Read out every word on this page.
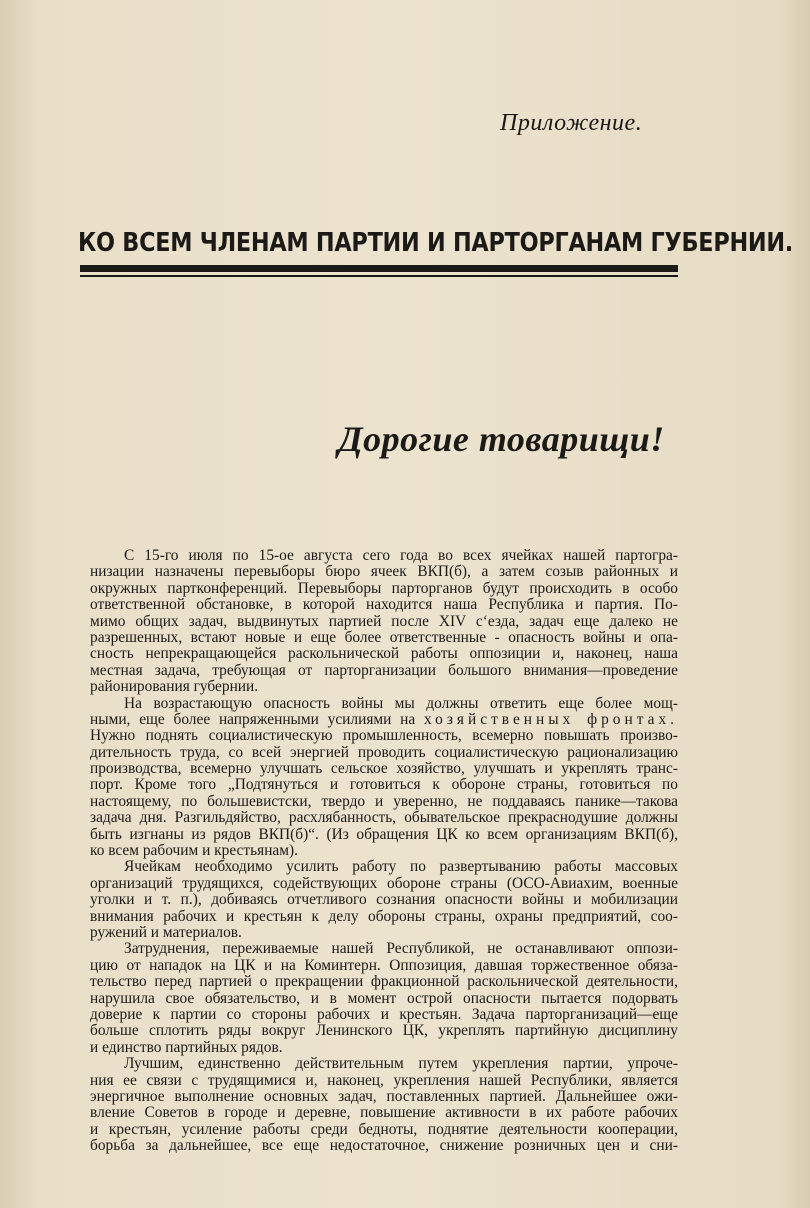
Приложение.
КО ВСЕМ ЧЛЕНАМ ПАРТИИ И ПАРТОРГАНАМ ГУБЕРНИИ.
Дорогие товарищи!
С 15-го июля по 15-ое августа сего года во всех ячейках нашей партогра-
низации назначены перевыборы бюро ячеек ВКП(б), а затем созыв районных и
окружных партконференций. Перевыборы парторганов будут происходить в особо
ответственной обстановке, в которой находится наша Республика и партия. По-
мимо общих задач, выдвинутых партией после XIV с‘езда, задач еще далеко не
разрешенных, встают новые и еще более ответственные - опасность войны и опа-
сность непрекращающейся раскольнической работы оппозиции и, наконец, наша
местная задача, требующая от парторганизации большого внимания—проведение
районирования губернии.
На возрастающую опасность войны мы должны ответить еще более мощ-
ными, еще более напряженными усилиями на хозяйственных фронтах.
Нужно поднять социалистическую промышленность, всемерно повышать произво-
дительность труда, со всей энергией проводить социалистическую рационализацию
производства, всемерно улучшать сельское хозяйство, улучшать и укреплять транс-
порт. Кроме того „Подтянуться и готовиться к обороне страны, готовиться по
настоящему, по большевистски, твердо и уверенно, не поддаваясь панике—такова
задача дня. Разгильдяйство, расхлябанность, обывательское прекраснодушие должны
быть изгнаны из рядов ВКП(б)“. (Из обращения ЦК ко всем организациям ВКП(б),
ко всем рабочим и крестьянам).
Ячейкам необходимо усилить работу по развертыванию работы массовых
организаций трудящихся, содействующих обороне страны (ОСО-Авиахим, военные
уголки и т. п.), добиваясь отчетливого сознания опасности войны и мобилизации
внимания рабочих и крестьян к делу обороны страны, охраны предприятий, соо-
ружений и материалов.
Затруднения, переживаемые нашей Республикой, не останавливают оппози-
цию от нападок на ЦК и на Коминтерн. Оппозиция, давшая торжественное обяза-
тельство перед партией о прекращении фракционной раскольнической деятельности,
нарушила свое обязательство, и в момент острой опасности пытается подорвать
доверие к партии со стороны рабочих и крестьян. Задача парторганизаций—еще
больше сплотить ряды вокруг Ленинского ЦК, укреплять партийную дисциплину
и единство партийных рядов.
Лучшим, единственно действительным путем укрепления партии, упроче-
ния ее связи с трудящимися и, наконец, укрепления нашей Республики, является
энергичное выполнение основных задач, поставленных партией. Дальнейшее ожи-
вление Советов в городе и деревне, повышение активности в их работе рабочих
и крестьян, усиление работы среди бедноты, поднятие деятельности кооперации,
борьба за дальнейшее, все еще недостаточное, снижение розничных цен и сни-
